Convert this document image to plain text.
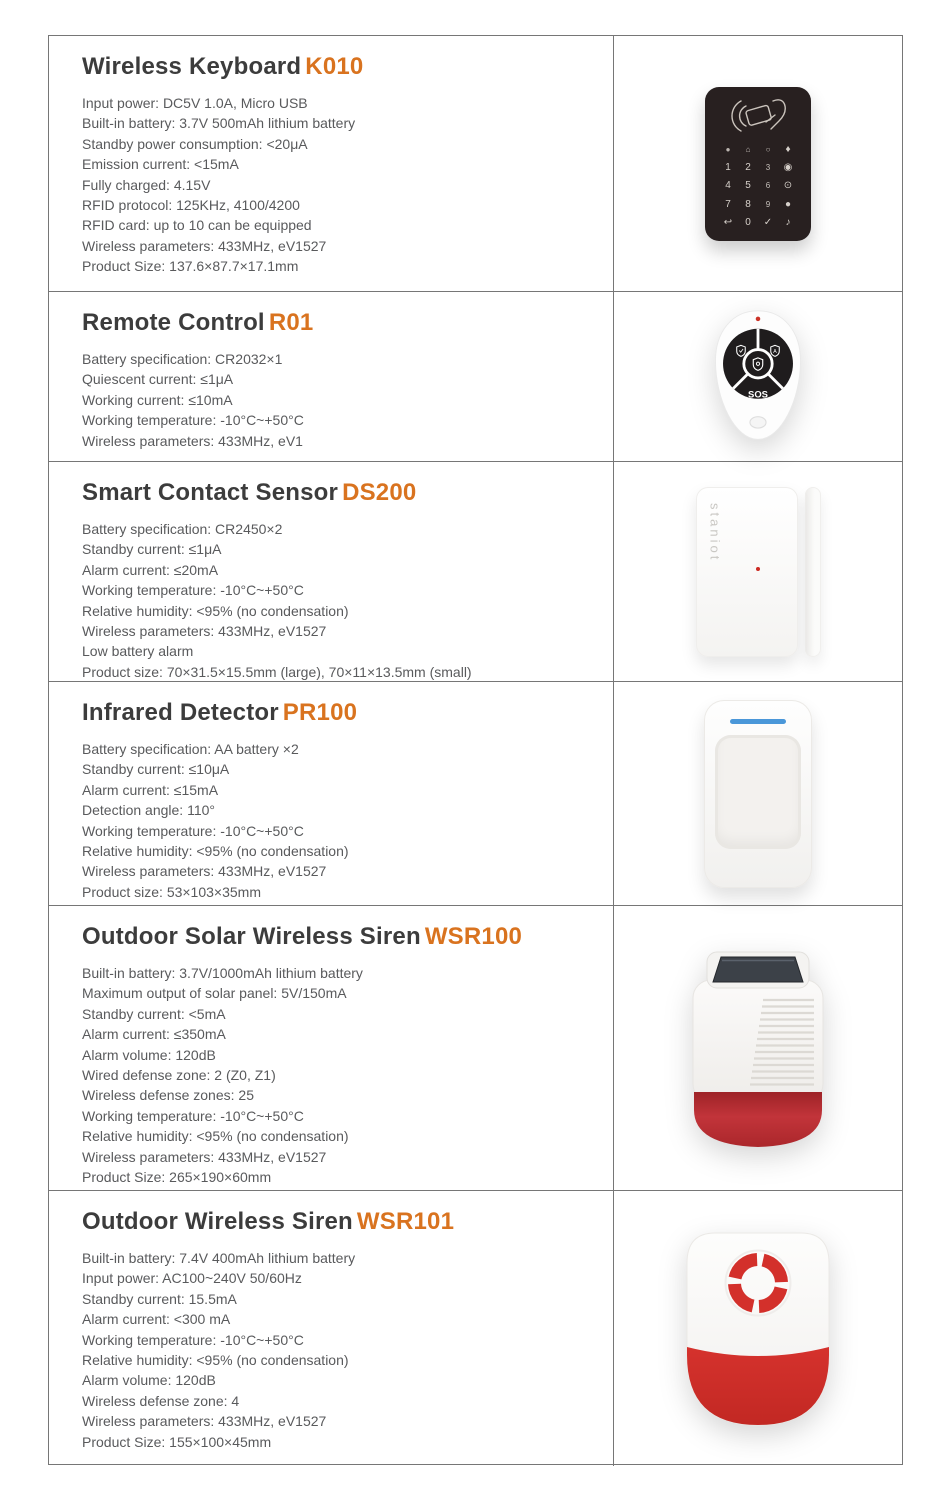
Wireless Keyboard K010
Input power: DC5V 1.0A, Micro USB
Built-in battery: 3.7V 500mAh lithium battery
Standby power consumption: <20μA
Emission current: <15mA
Fully charged: 4.15V
RFID protocol: 125KHz, 4100/4200
RFID card: up to 10 can be equipped
Wireless parameters: 433MHz, eV1527
Product Size: 137.6×87.7×17.1mm
● ⌂ ○ ♦
1 2 3 ◉
4 5 6 ⊙
7 8 9 ●
↩ 0 ✓ ♪
Remote Control R01
Battery specification: CR2032×1
Quiescent current: ≤1μA
Working current: ≤10mA
Working temperature: -10°C~+50°C
Wireless parameters: 433MHz, eV1
A
SOS
Smart Contact Sensor DS200
Battery specification: CR2450×2
Standby current: ≤1μA
Alarm current: ≤20mA
Working temperature: -10°C~+50°C
Relative humidity: <95% (no condensation)
Wireless parameters: 433MHz, eV1527
Low battery alarm
Product size: 70×31.5×15.5mm (large), 70×11×13.5mm (small)
staniot
Infrared Detector PR100
Battery specification: AA battery ×2
Standby current: ≤10μA
Alarm current: ≤15mA
Detection angle: 110°
Working temperature: -10°C~+50°C
Relative humidity: <95% (no condensation)
Wireless parameters: 433MHz, eV1527
Product size: 53×103×35mm
Outdoor Solar Wireless Siren WSR100
Built-in battery: 3.7V/1000mAh lithium battery
Maximum output of solar panel: 5V/150mA
Standby current: <5mA
Alarm current: ≤350mA
Alarm volume: 120dB
Wired defense zone: 2 (Z0, Z1)
Wireless defense zones: 25
Working temperature: -10°C~+50°C
Relative humidity: <95% (no condensation)
Wireless parameters: 433MHz, eV1527
Product Size: 265×190×60mm
Outdoor Wireless Siren WSR101
Built-in battery: 7.4V 400mAh lithium battery
Input power: AC100~240V 50/60Hz
Standby current: 15.5mA
Alarm current: <300 mA
Working temperature: -10°C~+50°C
Relative humidity: <95% (no condensation)
Alarm volume: 120dB
Wireless defense zone: 4
Wireless parameters: 433MHz, eV1527
Product Size: 155×100×45mm
